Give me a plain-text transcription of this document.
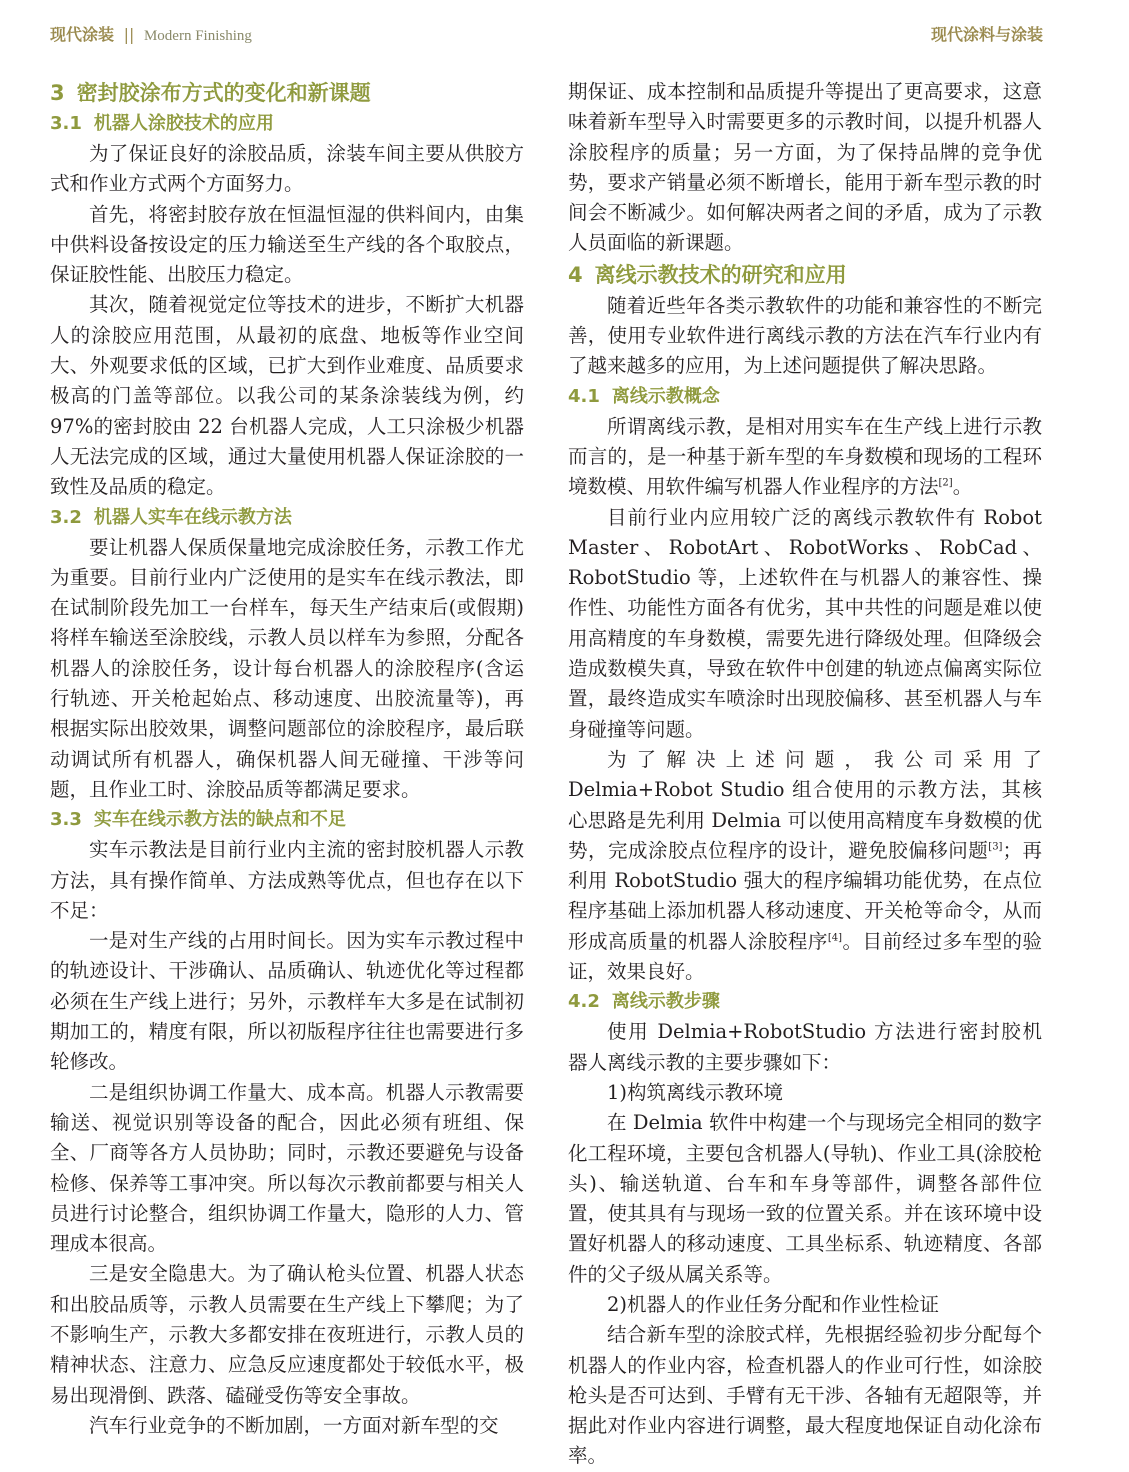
现代涂装 || Modern Finishing	现代涂料与涂装
3 密封胶涂布方式的变化和新课题
3.1 机器人涂胶技术的应用

为了保证良好的涂胶品质，涂装车间主要从供胶方式和作业方式两个方面努力。

首先，将密封胶存放在恒温恒湿的供料间内，由集中供料设备按设定的压力输送至生产线的各个取胶点，保证胶性能、出胶压力稳定。

其次，随着视觉定位等技术的进步，不断扩大机器人的涂胶应用范围，从最初的底盘、地板等作业空间大、外观要求低的区域，已扩大到作业难度、品质要求极高的门盖等部位。以我公司的某条涂装线为例，约97%的密封胶由 22 台机器人完成，人工只涂极少机器人无法完成的区域，通过大量使用机器人保证涂胶的一致性及品质的稳定。

3.2 机器人实车在线示教方法

要让机器人保质保量地完成涂胶任务，示教工作尤为重要。目前行业内广泛使用的是实车在线示教法，即在试制阶段先加工一台样车，每天生产结束后(或假期)将样车输送至涂胶线，示教人员以样车为参照，分配各机器人的涂胶任务，设计每台机器人的涂胶程序(含运行轨迹、开关枪起始点、移动速度、出胶流量等)，再根据实际出胶效果，调整问题部位的涂胶程序，最后联动调试所有机器人，确保机器人间无碰撞、干涉等问题，且作业工时、涂胶品质等都满足要求。

3.3 实车在线示教方法的缺点和不足

实车示教法是目前行业内主流的密封胶机器人示教方法，具有操作简单、方法成熟等优点，但也存在以下不足：

一是对生产线的占用时间长。因为实车示教过程中的轨迹设计、干涉确认、品质确认、轨迹优化等过程都必须在生产线上进行；另外，示教样车大多是在试制初期加工的，精度有限，所以初版程序往往也需要进行多轮修改。

二是组织协调工作量大、成本高。机器人示教需要输送、视觉识别等设备的配合，因此必须有班组、保全、厂商等各方人员协助；同时，示教还要避免与设备检修、保养等工事冲突。所以每次示教前都要与相关人员进行讨论整合，组织协调工作量大，隐形的人力、管理成本很高。

三是安全隐患大。为了确认枪头位置、机器人状态和出胶品质等，示教人员需要在生产线上下攀爬；为了不影响生产，示教大多都安排在夜班进行，示教人员的精神状态、注意力、应急反应速度都处于较低水平，极易出现滑倒、跌落、磕碰受伤等安全事故。

汽车行业竞争的不断加剧，一方面对新车型的交

期保证、成本控制和品质提升等提出了更高要求，这意味着新车型导入时需要更多的示教时间，以提升机器人涂胶程序的质量；另一方面，为了保持品牌的竞争优势，要求产销量必须不断增长，能用于新车型示教的时间会不断减少。如何解决两者之间的矛盾，成为了示教人员面临的新课题。

4 离线示教技术的研究和应用

随着近些年各类示教软件的功能和兼容性的不断完善，使用专业软件进行离线示教的方法在汽车行业内有了越来越多的应用，为上述问题提供了解决思路。

4.1 离线示教概念

所谓离线示教，是相对用实车在生产线上进行示教而言的，是一种基于新车型的车身数模和现场的工程环境数模、用软件编写机器人作业程序的方法[2]。

目前行业内应用较广泛的离线示教软件有 Robot Master、RobotArt、RobotWorks、RobCad、RobotStudio 等，上述软件在与机器人的兼容性、操作性、功能性方面各有优劣，其中共性的问题是难以使用高精度的车身数模，需要先进行降级处理。但降级会造成数模失真，导致在软件中创建的轨迹点偏离实际位置，最终造成实车喷涂时出现胶偏移、甚至机器人与车身碰撞等问题。

为了解决上述问题，我公司采用了 Delmia+Robot Studio 组合使用的示教方法，其核心思路是先利用 Delmia 可以使用高精度车身数模的优势，完成涂胶点位程序的设计，避免胶偏移问题[3]；再利用 RobotStudio 强大的程序编辑功能优势，在点位程序基础上添加机器人移动速度、开关枪等命令，从而形成高质量的机器人涂胶程序[4]。目前经过多车型的验证，效果良好。

4.2 离线示教步骤

使用 Delmia+RobotStudio 方法进行密封胶机器人离线示教的主要步骤如下：

1)构筑离线示教环境

在 Delmia 软件中构建一个与现场完全相同的数字化工程环境，主要包含机器人(导轨)、作业工具(涂胶枪头)、输送轨道、台车和车身等部件，调整各部件位置，使其具有与现场一致的位置关系。并在该环境中设置好机器人的移动速度、工具坐标系、轨迹精度、各部件的父子级从属关系等。

2)机器人的作业任务分配和作业性检证

结合新车型的涂胶式样，先根据经验初步分配每个机器人的作业内容，检查机器人的作业可行性，如涂胶枪头是否可达到、手臂有无干涉、各轴有无超限等，并据此对作业内容进行调整，最大程度地保证自动化涂布率。
